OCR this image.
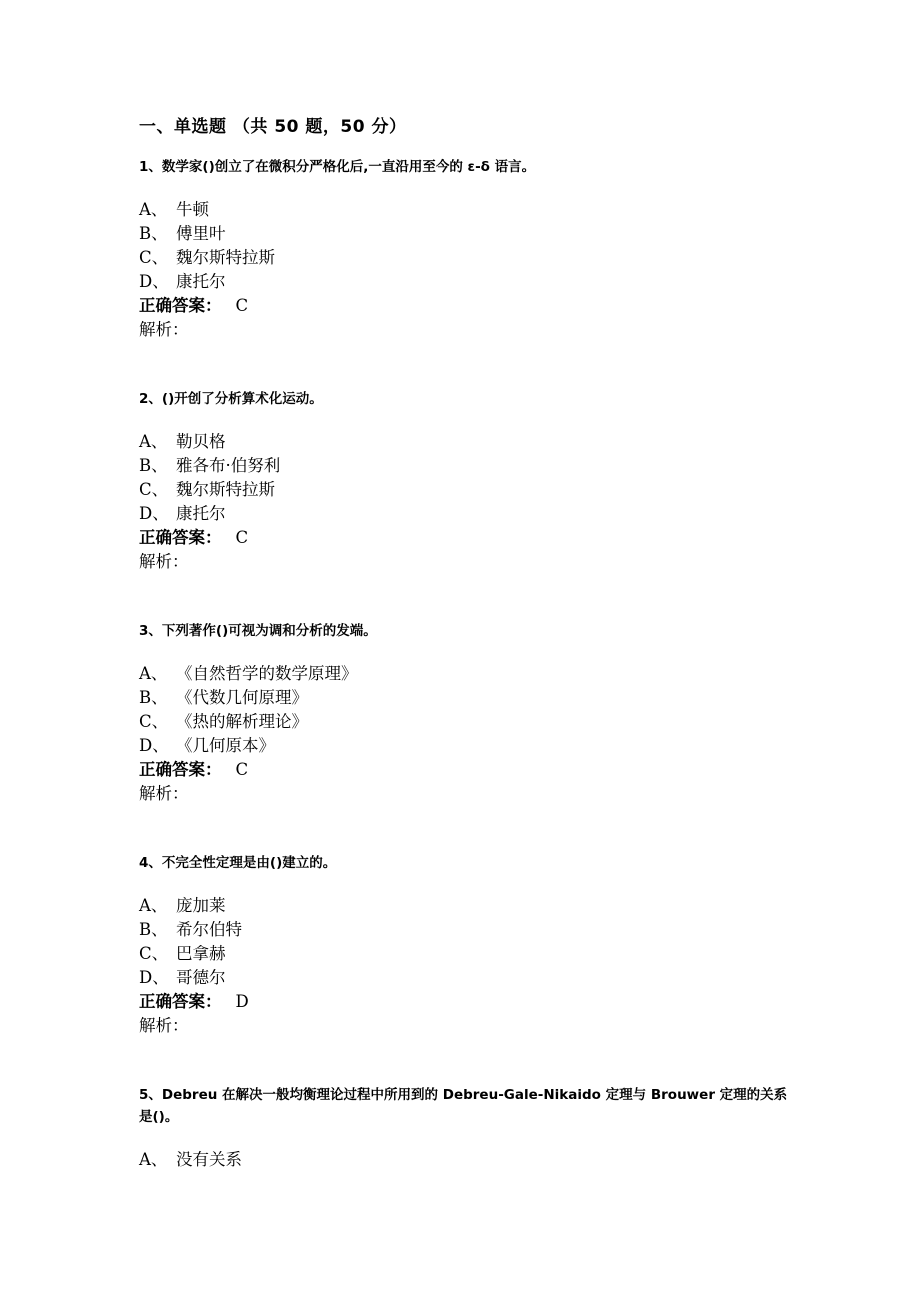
一、单选题 （共 50 题，50 分）
1、数学家()创立了在微积分严格化后,一直沿用至今的 ε-δ 语言。
A、 牛顿
B、 傅里叶
C、 魏尔斯特拉斯
D、 康托尔
正确答案： C
解析：
2、()开创了分析算术化运动。
A、 勒贝格
B、 雅各布·伯努利
C、 魏尔斯特拉斯
D、 康托尔
正确答案： C
解析：
3、下列著作()可视为调和分析的发端。
A、 《自然哲学的数学原理》
B、 《代数几何原理》
C、 《热的解析理论》
D、 《几何原本》
正确答案： C
解析：
4、不完全性定理是由()建立的。
A、 庞加莱
B、 希尔伯特
C、 巴拿赫
D、 哥德尔
正确答案： D
解析：
5、Debreu 在解决一般均衡理论过程中所用到的 Debreu-Gale-Nikaido 定理与 Brouwer 定理的关系是()。
A、 没有关系
